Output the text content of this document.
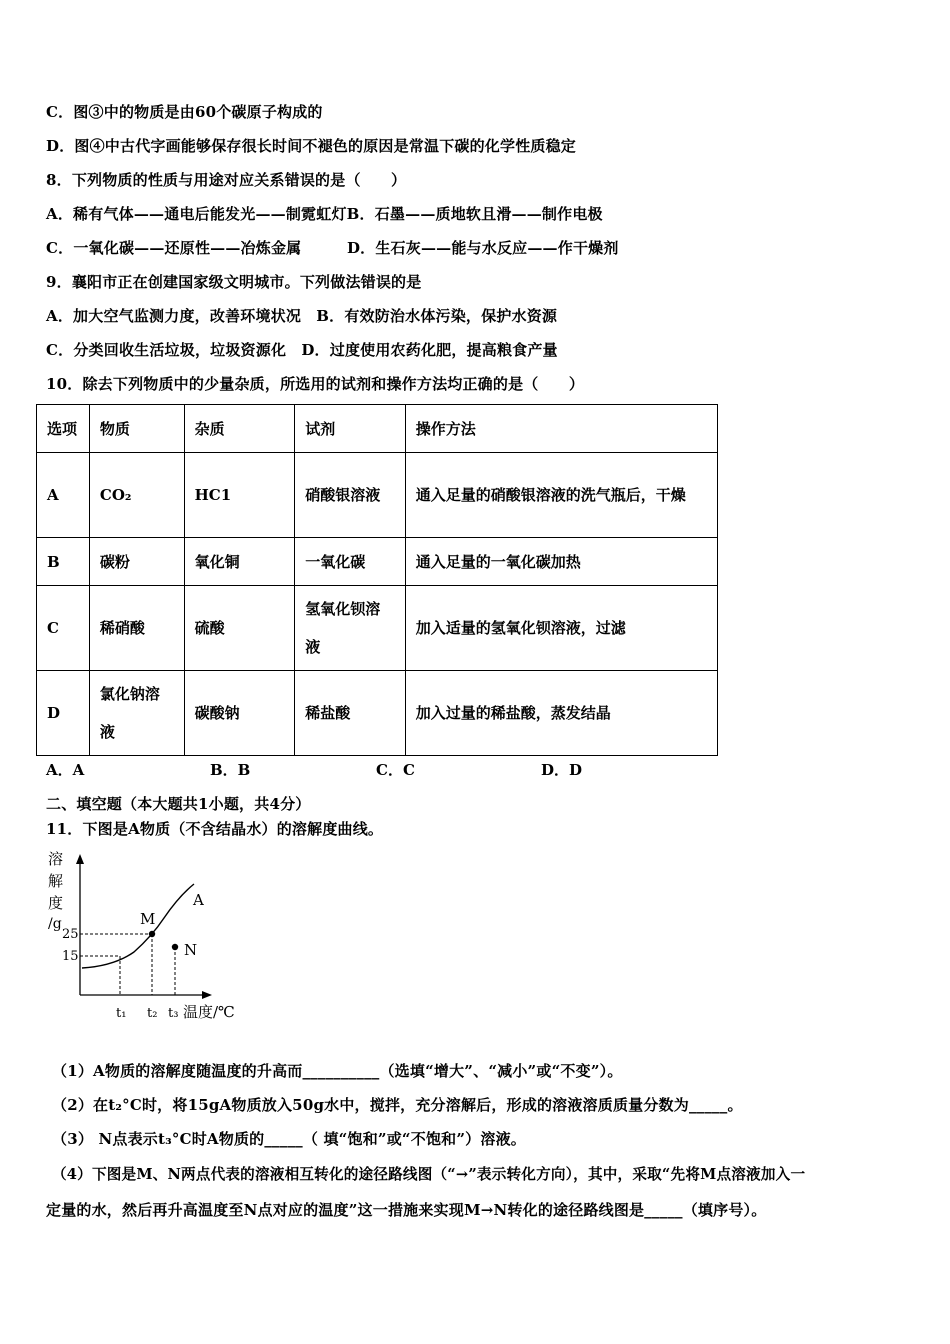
C．图③中的物质是由60个碳原子构成的
D．图④中古代字画能够保存很长时间不褪色的原因是常温下碳的化学性质稳定
8．下列物质的性质与用途对应关系错误的是（　　）
A．稀有气体——通电后能发光——制霓虹灯B．石墨——质地软且滑——制作电极
C．一氧化碳——还原性——冶炼金属　　　D．生石灰——能与水反应——作干燥剂
9．襄阳市正在创建国家级文明城市。下列做法错误的是
A．加大空气监测力度，改善环境状况　B．有效防治水体污染，保护水资源
C．分类回收生活垃圾，垃圾资源化　D．过度使用农药化肥，提高粮食产量
10．除去下列物质中的少量杂质，所选用的试剂和操作方法均正确的是（　　）
选项	物质	杂质	试剂	操作方法
A	CO₂	HC1	硝酸银溶液	通入足量的硝酸银溶液的洗气瓶后，干燥
B	碳粉	氧化铜	一氧化碳	通入足量的一氧化碳加热
C	稀硝酸	硫酸	氢氧化钡溶液	加入适量的氢氧化钡溶液，过滤
D	氯化钠溶液	碳酸钠	稀盐酸	加入过量的稀盐酸，蒸发结晶
A．A	B．B	C．C	D．D
二、填空题（本大题共1小题，共4分）
11．下图是A物质（不含结晶水）的溶解度曲线。
溶
解
度
/g
25
15
A
M
N
t₁ t₂ t₃ 温度/℃
（1）A物质的溶解度随温度的升高而__________（选填“增大”、“减小”或“不变”）。
（2）在t₂°C时，将15gA物质放入50g水中，搅拌，充分溶解后，形成的溶液溶质质量分数为_____。
（3） N点表示t₃°C时A物质的_____（ 填“饱和”或“不饱和”）溶液。
（4）下图是M、N两点代表的溶液相互转化的途径路线图（“→”表示转化方向），其中，采取“先将M点溶液加入一
定量的水，然后再升高温度至N点对应的温度”这一措施来实现M→N转化的途径路线图是_____（填序号）。
